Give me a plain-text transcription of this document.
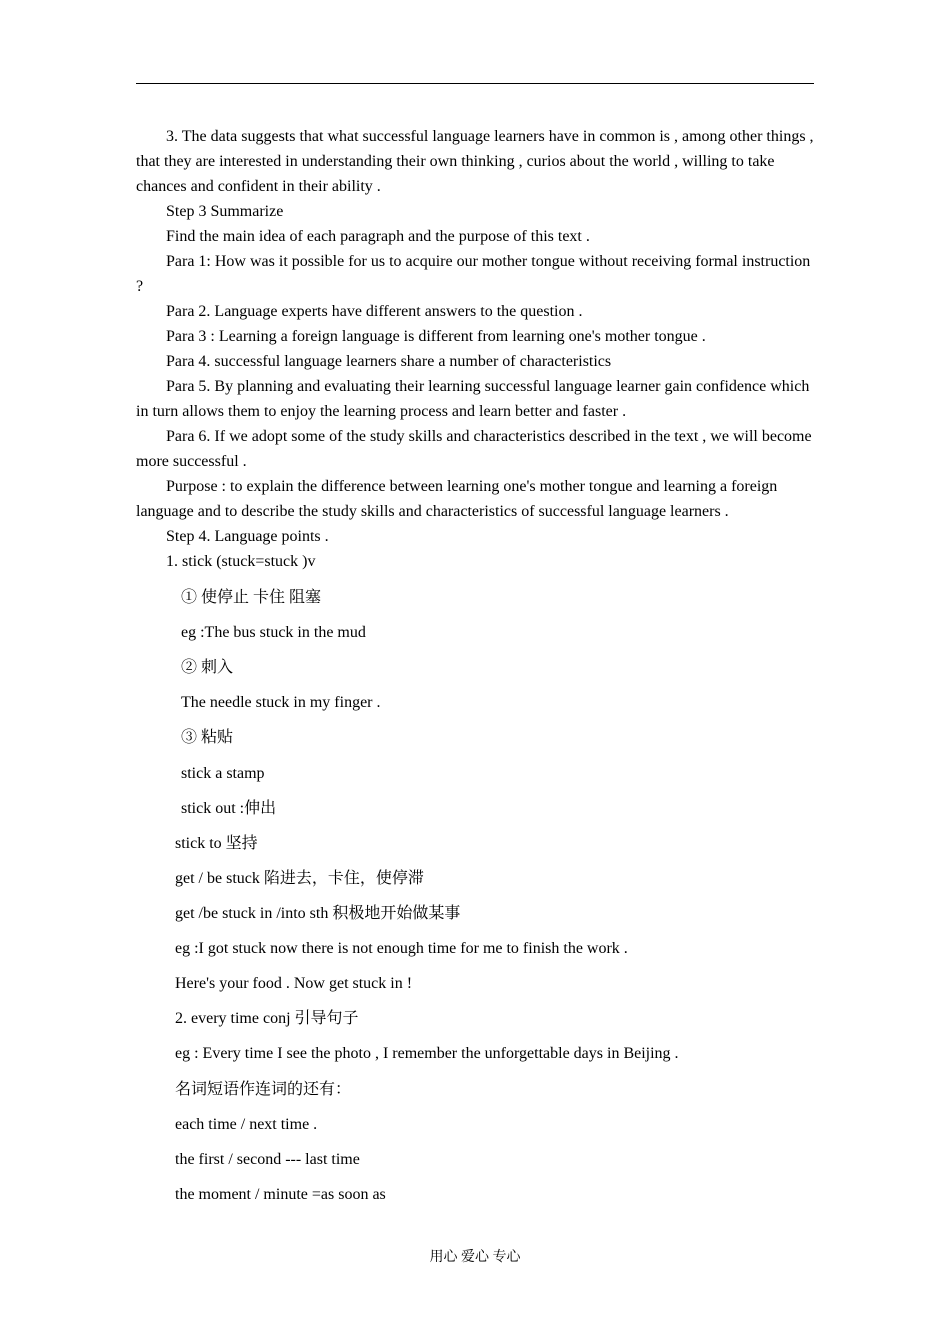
3. The data suggests that what successful language learners have in common is , among other things , that they are interested in understanding their own thinking , curios about the world , willing to take chances and confident in their ability .

Step 3 Summarize

Find the main idea of each paragraph and the purpose of this text .

Para 1: How was it possible for us to acquire our mother tongue without receiving formal instruction ?

Para 2. Language experts have different answers to the question .

Para 3 : Learning a foreign language is different from learning one's mother tongue .

Para 4. successful language learners share a number of characteristics

Para 5. By planning and evaluating their learning successful language learner gain confidence which in turn allows them to enjoy the learning process and learn better and faster .

Para 6. If we adopt some of the study skills and characteristics described in the text , we will become more successful .

Purpose : to explain the difference between learning one's mother tongue and learning a foreign language and to describe the study skills and characteristics of successful language learners .

Step 4. Language points .

1. stick (stuck=stuck )v

① 使停止 卡住 阻塞
eg :The bus stuck in the mud
② 刺入
The needle stuck in my finger .
③ 粘贴
stick a stamp
stick out :伸出
stick to 坚持
get / be stuck 陷进去，卡住，使停滞
get /be stuck in /into sth 积极地开始做某事
eg :I got stuck now there is not enough time for me to finish the work .
Here's your food . Now get stuck in !
2. every time conj 引导句子
eg : Every time I see the photo , I remember the unforgettable days in Beijing .
名词短语作连词的还有：
each time / next time .
the first / second --- last time
the moment / minute =as soon as
用心 爱心 专心
